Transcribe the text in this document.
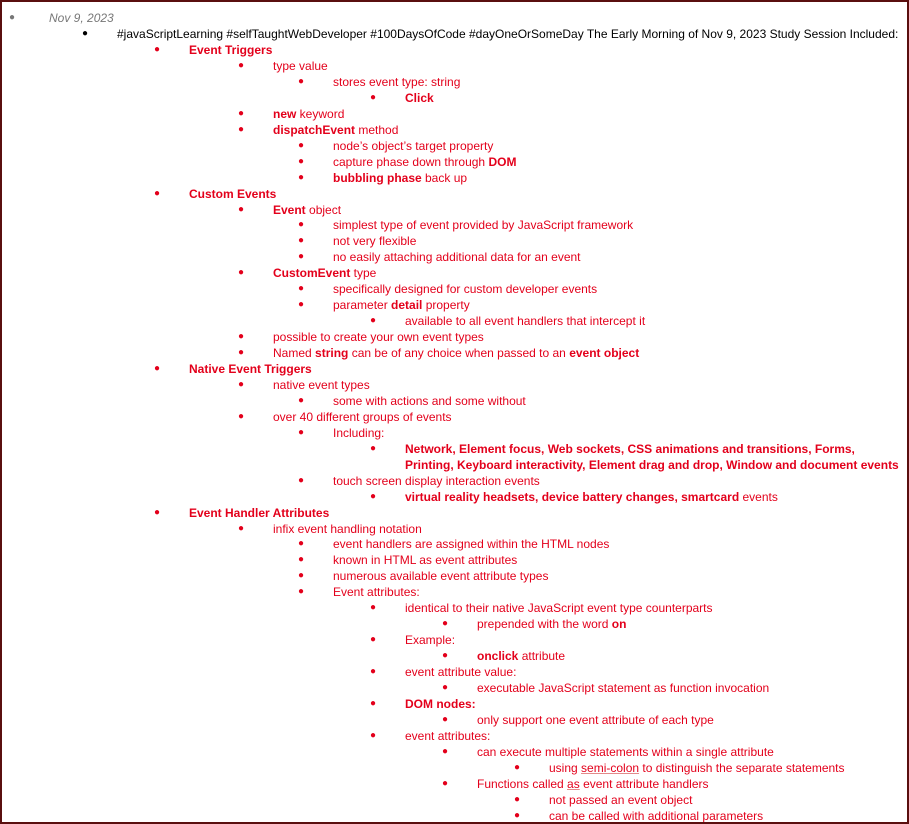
●	Nov 9, 2023
● #javaScriptLearning #selfTaughtWebDeveloper #100DaysOfCode #dayOneOrSomeDay The Early Morning of Nov 9, 2023 Study Session Included:
● Event Triggers
● type value
● stores event type: string
● Click
● new keyword
● dispatchEvent method
● node’s object’s target property
● capture phase down through DOM
● bubbling phase back up
● Custom Events
● Event object
● simplest type of event provided by JavaScript framework
● not very flexible
● no easily attaching additional data for an event
● CustomEvent type
● specifically designed for custom developer events
● parameter detail property
● available to all event handlers that intercept it
● possible to create your own event types
● Named string can be of any choice when passed to an event object
● Native Event Triggers
● native event types
● some with actions and some without
● over 40 different groups of events
● Including:
● Network, Element focus, Web sockets, CSS animations and transitions, Forms,
Printing, Keyboard interactivity, Element drag and drop, Window and document events
● touch screen display interaction events
● virtual reality headsets, device battery changes, smartcard events
● Event Handler Attributes
● infix event handling notation
● event handlers are assigned within the HTML nodes
● known in HTML as event attributes
● numerous available event attribute types
● Event attributes:
● identical to their native JavaScript event type counterparts
● prepended with the word on
● Example:
● onclick attribute
● event attribute value:
● executable JavaScript statement as function invocation
● DOM nodes:
● only support one event attribute of each type
● event attributes:
● can execute multiple statements within a single attribute
● using semi-colon to distinguish the separate statements
● Functions called as event attribute handlers
● not passed an event object
● can be called with additional parameters
